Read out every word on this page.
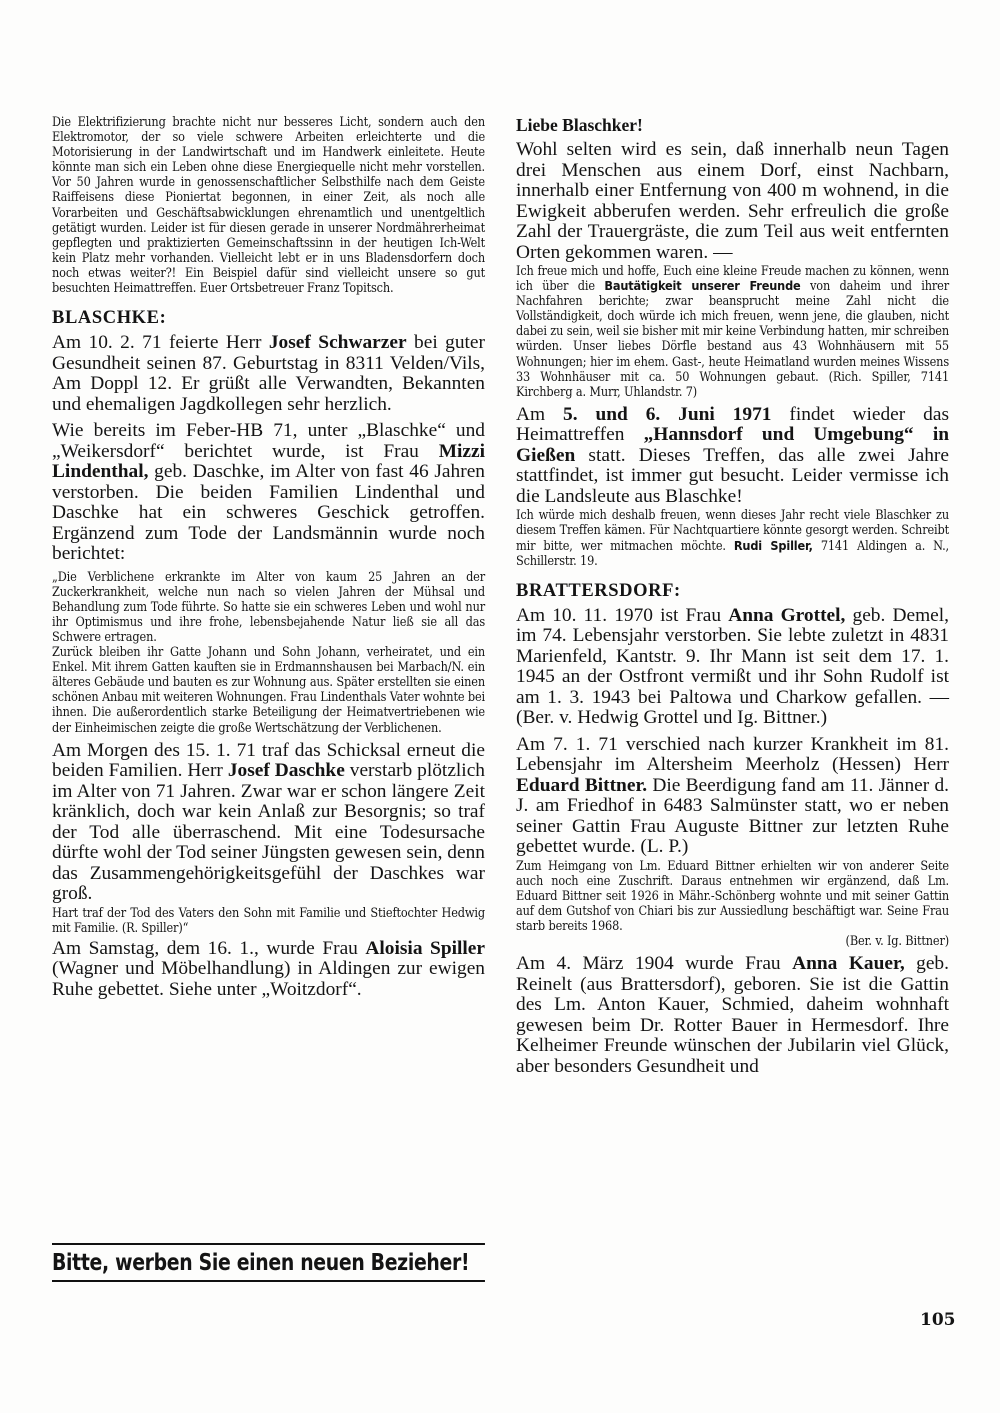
Die Elektrifizierung brachte nicht nur besseres Licht, sondern auch den Elektromotor, der so viele schwere Arbeiten erleichterte und die Motorisierung in der Landwirtschaft und im Handwerk einleitete. Heute könnte man sich ein Leben ohne diese Energiequelle nicht mehr vorstellen. Vor 50 Jahren wurde in genossenschaftlicher Selbsthilfe nach dem Geiste Raiffeisens diese Pioniertat begonnen, in einer Zeit, als noch alle Vorarbeiten und Geschäftsabwicklungen ehrenamtlich und unentgeltlich getätigt wurden. Leider ist für diesen gerade in unserer Nordmährerheimat gepflegten und praktizierten Gemeinschaftssinn in der heutigen Ich-Welt kein Platz mehr vorhanden. Vielleicht lebt er in uns Bladensdorfern doch noch etwas weiter?! Ein Beispiel dafür sind vielleicht unsere so gut besuchten Heimattreffen. Euer Ortsbetreuer Franz Topitsch.

BLASCHKE:

Am 10. 2. 71 feierte Herr Josef Schwarzer bei guter Gesundheit seinen 87. Geburtstag in 8311 Velden/Vils, Am Doppl 12. Er grüßt alle Verwandten, Bekannten und ehemaligen Jagdkollegen sehr herzlich.

Wie bereits im Feber-HB 71, unter „Blaschke“ und „Weikersdorf“ berichtet wurde, ist Frau Mizzi Lindenthal, geb. Daschke, im Alter von fast 46 Jahren verstorben. Die beiden Familien Lindenthal und Daschke hat ein schweres Geschick getroffen. Ergänzend zum Tode der Landsmännin wurde noch berichtet:

„Die Verblichene erkrankte im Alter von kaum 25 Jahren an der Zuckerkrankheit, welche nun nach so vielen Jahren der Mühsal und Behandlung zum Tode führte. So hatte sie ein schweres Leben und wohl nur ihr Optimismus und ihre frohe, lebensbejahende Natur ließ sie all das Schwere ertragen.

Zurück bleiben ihr Gatte Johann und Sohn Johann, verheiratet, und ein Enkel. Mit ihrem Gatten kauften sie in Erdmannshausen bei Marbach/N. ein älteres Gebäude und bauten es zur Wohnung aus. Später erstellten sie einen schönen Anbau mit weiteren Wohnungen. Frau Lindenthals Vater wohnte bei ihnen. Die außerordentlich starke Beteiligung der Heimatvertriebenen wie der Einheimischen zeigte die große Wertschätzung der Verblichenen.

Am Morgen des 15. 1. 71 traf das Schicksal erneut die beiden Familien. Herr Josef Daschke verstarb plötzlich im Alter von 71 Jahren. Zwar war er schon längere Zeit kränklich, doch war kein Anlaß zur Besorgnis; so traf der Tod alle überraschend. Mit eine Todesursache dürfte wohl der Tod seiner Jüngsten gewesen sein, denn das Zusammengehörigkeitsgefühl der Daschkes war groß.

Hart traf der Tod des Vaters den Sohn mit Familie und Stieftochter Hedwig mit Familie. (R. Spiller)“

Am Samstag, dem 16. 1., wurde Frau Aloisia Spiller (Wagner und Möbelhandlung) in Aldingen zur ewigen Ruhe gebettet. Siehe unter „Woitzdorf“.

Bitte, werben Sie einen neuen Bezieher!
Liebe Blaschker!

Wohl selten wird es sein, daß innerhalb neun Tagen drei Menschen aus einem Dorf, einst Nachbarn, innerhalb einer Entfernung von 400 m wohnend, in die Ewigkeit abberufen werden. Sehr erfreulich die große Zahl der Trauergräste, die zum Teil aus weit entfernten Orten gekommen waren. —

Ich freue mich und hoffe, Euch eine kleine Freude machen zu können, wenn ich über die Bautätigkeit unserer Freunde von daheim und ihrer Nachfahren berichte; zwar beansprucht meine Zahl nicht die Vollständigkeit, doch würde ich mich freuen, wenn jene, die glauben, nicht dabei zu sein, weil sie bisher mit mir keine Verbindung hatten, mir schreiben würden. Unser liebes Dörfle bestand aus 43 Wohnhäusern mit 55 Wohnungen; hier im ehem. Gast-, heute Heimatland wurden meines Wissens 33 Wohnhäuser mit ca. 50 Wohnungen gebaut. (Rich. Spiller, 7141 Kirchberg a. Murr, Uhlandstr. 7)

Am 5. und 6. Juni 1971 findet wieder das Heimattreffen „Hannsdorf und Umgebung“ in Gießen statt. Dieses Treffen, das alle zwei Jahre stattfindet, ist immer gut besucht. Leider vermisse ich die Landsleute aus Blaschke!

Ich würde mich deshalb freuen, wenn dieses Jahr recht viele Blaschker zu diesem Treffen kämen. Für Nachtquartiere könnte gesorgt werden. Schreibt mir bitte, wer mitmachen möchte. Rudi Spiller, 7141 Aldingen a. N., Schillerstr. 19.

BRATTERSDORF:

Am 10. 11. 1970 ist Frau Anna Grottel, geb. Demel, im 74. Lebensjahr verstorben. Sie lebte zuletzt in 4831 Marienfeld, Kantstr. 9. Ihr Mann ist seit dem 17. 1. 1945 an der Ostfront vermißt und ihr Sohn Rudolf ist am 1. 3. 1943 bei Paltowa und Charkow gefallen. — (Ber. v. Hedwig Grottel und Ig. Bittner.)

Am 7. 1. 71 verschied nach kurzer Krankheit im 81. Lebensjahr im Altersheim Meerholz (Hessen) Herr Eduard Bittner. Die Beerdigung fand am 11. Jänner d. J. am Friedhof in 6483 Salmünster statt, wo er neben seiner Gattin Frau Auguste Bittner zur letzten Ruhe gebettet wurde. (L. P.)

Zum Heimgang von Lm. Eduard Bittner erhielten wir von anderer Seite auch noch eine Zuschrift. Daraus entnehmen wir ergänzend, daß Lm. Eduard Bittner seit 1926 in Mähr.-Schönberg wohnte und mit seiner Gattin auf dem Gutshof von Chiari bis zur Aussiedlung beschäftigt war. Seine Frau starb bereits 1968.

(Ber. v. Ig. Bittner)

Am 4. März 1904 wurde Frau Anna Kauer, geb. Reinelt (aus Brattersdorf), geboren. Sie ist die Gattin des Lm. Anton Kauer, Schmied, daheim wohnhaft gewesen beim Dr. Rotter Bauer in Hermesdorf. Ihre Kelheimer Freunde wünschen der Jubilarin viel Glück, aber besonders Gesundheit und

105
